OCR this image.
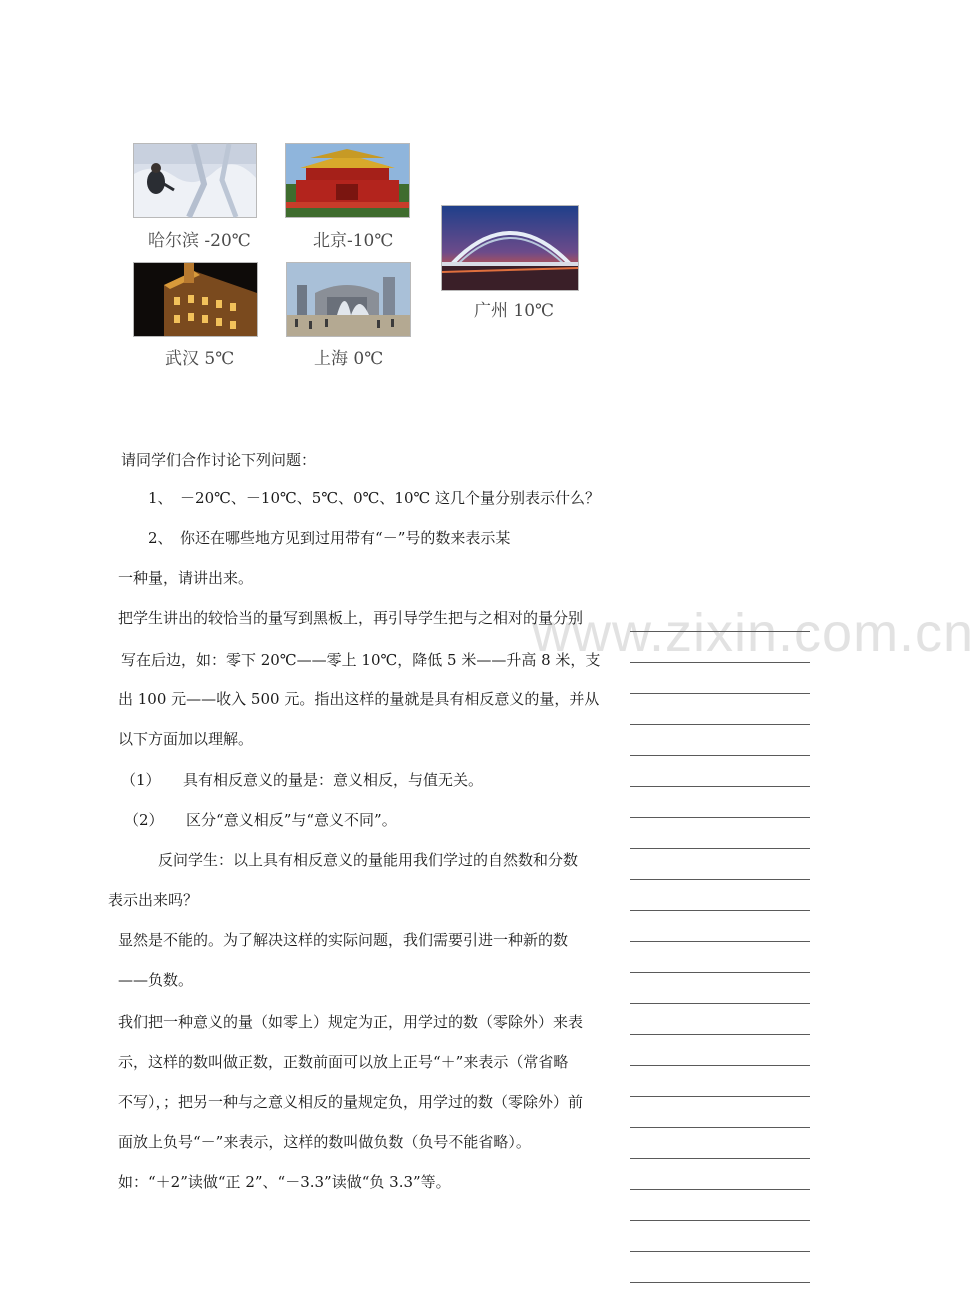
哈尔滨 -20℃	北京-10℃
广州 10℃
武汉 5℃	上海 0℃
www.zixin.com.cn
请同学们合作讨论下列问题：
1、　－20℃、－10℃、5℃、0℃、10℃ 这几个量分别表示什么？
2、　你还在哪些地方见到过用带有“－”号的数来表示某
一种量，请讲出来。
把学生讲出的较恰当的量写到黑板上，再引导学生把与之相对的量分别
写在后边，如：零下 20℃——零上 10℃，降低 5 米——升高 8 米，支
出 100 元——收入 500 元。指出这样的量就是具有相反意义的量，并从
以下方面加以理解。
（1）　　具有相反意义的量是：意义相反，与值无关。
（2）　　区分“意义相反”与“意义不同”。
反问学生：以上具有相反意义的量能用我们学过的自然数和分数
表示出来吗？
显然是不能的。为了解决这样的实际问题，我们需要引进一种新的数
——负数。
我们把一种意义的量（如零上）规定为正，用学过的数（零除外）来表
示，这样的数叫做正数，正数前面可以放上正号“＋”来表示（常省略
不写），；把另一种与之意义相反的量规定负，用学过的数（零除外）前
面放上负号“－”来表示，这样的数叫做负数（负号不能省略）。
如：“＋2”读做“正 2”、“－3.3”读做“负 3.3”等。
